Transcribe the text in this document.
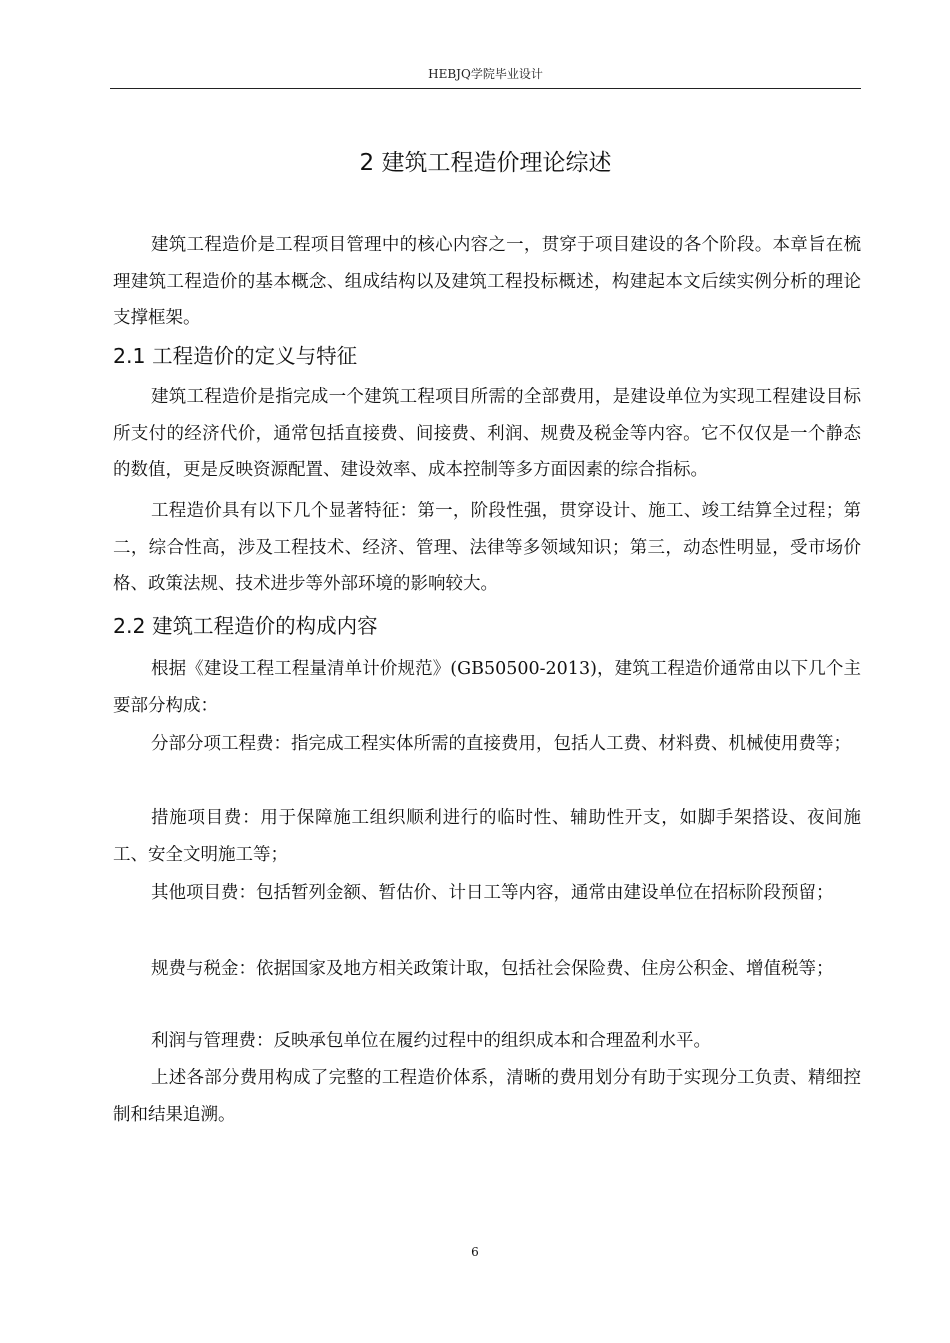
HEBJQ学院毕业设计
2 建筑工程造价理论综述

建筑工程造价是工程项目管理中的核心内容之一，贯穿于项目建设的各个阶段。本章旨在梳理建筑工程造价的基本概念、组成结构以及建筑工程投标概述，构建起本文后续实例分析的理论支撑框架。

2.1 工程造价的定义与特征

建筑工程造价是指完成一个建筑工程项目所需的全部费用，是建设单位为实现工程建设目标所支付的经济代价，通常包括直接费、间接费、利润、规费及税金等内容。它不仅仅是一个静态的数值，更是反映资源配置、建设效率、成本控制等多方面因素的综合指标。

工程造价具有以下几个显著特征：第一，阶段性强，贯穿设计、施工、竣工结算全过程；第二，综合性高，涉及工程技术、经济、管理、法律等多领域知识；第三，动态性明显，受市场价格、政策法规、技术进步等外部环境的影响较大。

2.2 建筑工程造价的构成内容

根据《建设工程工程量清单计价规范》(GB50500-2013)，建筑工程造价通常由以下几个主要部分构成：

分部分项工程费：指完成工程实体所需的直接费用，包括人工费、材料费、机械使用费等；

措施项目费：用于保障施工组织顺利进行的临时性、辅助性开支，如脚手架搭设、夜间施工、安全文明施工等；

其他项目费：包括暂列金额、暂估价、计日工等内容，通常由建设单位在招标阶段预留；

规费与税金：依据国家及地方相关政策计取，包括社会保险费、住房公积金、增值税等；

利润与管理费：反映承包单位在履约过程中的组织成本和合理盈利水平。

上述各部分费用构成了完整的工程造价体系，清晰的费用划分有助于实现分工负责、精细控制和结果追溯。

6
